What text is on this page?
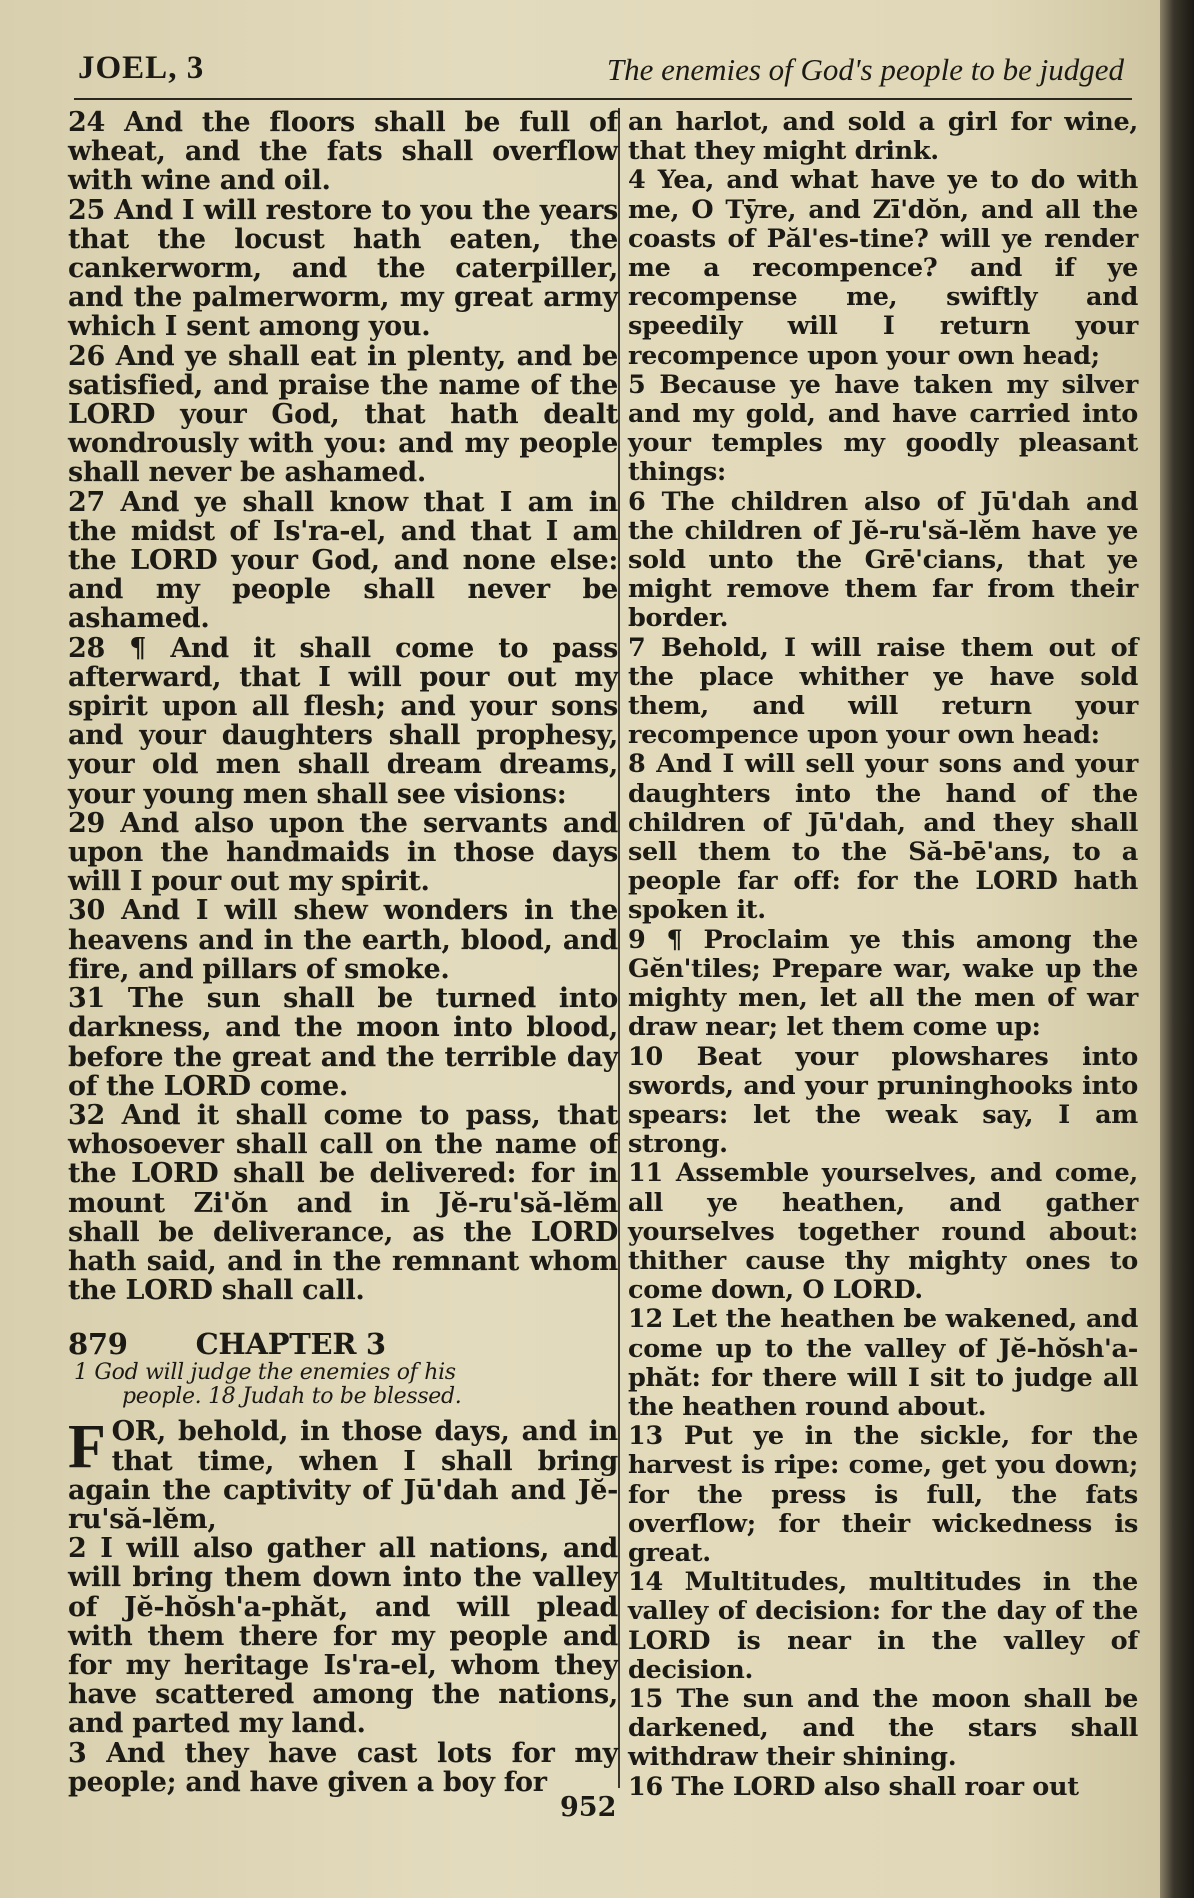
JOEL, 3	The enemies of God's people to be judged

24 And the floors shall be full of wheat, and the fats shall overflow with wine and oil.

25 And I will restore to you the years that the locust hath eaten, the cankerworm, and the caterpiller, and the palmerworm, my great army which I sent among you.

26 And ye shall eat in plenty, and be satisfied, and praise the name of the LORD your God, that hath dealt wondrously with you: and my people shall never be ashamed.

27 And ye shall know that I am in the midst of Is'ra-el, and that I am the LORD your God, and none else: and my people shall never be ashamed.

28 ¶ And it shall come to pass afterward, that I will pour out my spirit upon all flesh; and your sons and your daughters shall prophesy, your old men shall dream dreams, your young men shall see visions:

29 And also upon the servants and upon the handmaids in those days will I pour out my spirit.

30 And I will shew wonders in the heavens and in the earth, blood, and fire, and pillars of smoke.

31 The sun shall be turned into darkness, and the moon into blood, before the great and the terrible day of the LORD come.

32 And it shall come to pass, that whosoever shall call on the name of the LORD shall be delivered: for in mount Zi'ŏn and in Jĕ-ru'să-lĕm shall be deliverance, as the LORD hath said, and in the remnant whom the LORD shall call.

879 CHAPTER 3
1 God will judge the enemies of his
people. 18 Judah to be blessed.

FOR, behold, in those days, and in that time, when I shall bring again the captivity of Jū'dah and Jĕ-ru'să-lĕm,

2 I will also gather all nations, and will bring them down into the valley of Jĕ-hŏsh'a-phăt, and will plead with them there for my people and for my heritage Is'ra-el, whom they have scattered among the nations, and parted my land.

3 And they have cast lots for my people; and have given a boy for

an harlot, and sold a girl for wine, that they might drink.

4 Yea, and what have ye to do with me, O Tȳre, and Zī'dŏn, and all the coasts of Păl'es-tine? will ye render me a recompence? and if ye recompense me, swiftly and speedily will I return your recompence upon your own head;

5 Because ye have taken my silver and my gold, and have carried into your temples my goodly pleasant things:

6 The children also of Jū'dah and the children of Jĕ-ru'să-lĕm have ye sold unto the Grē'cians, that ye might remove them far from their border.

7 Behold, I will raise them out of the place whither ye have sold them, and will return your recompence upon your own head:

8 And I will sell your sons and your daughters into the hand of the children of Jū'dah, and they shall sell them to the Să-bē'ans, to a people far off: for the LORD hath spoken it.

9 ¶ Proclaim ye this among the Gĕn'tiles; Prepare war, wake up the mighty men, let all the men of war draw near; let them come up:

10 Beat your plowshares into swords, and your pruninghooks into spears: let the weak say, I am strong.

11 Assemble yourselves, and come, all ye heathen, and gather yourselves together round about: thither cause thy mighty ones to come down, O LORD.

12 Let the heathen be wakened, and come up to the valley of Jĕ-hŏsh'a-phăt: for there will I sit to judge all the heathen round about.

13 Put ye in the sickle, for the harvest is ripe: come, get you down; for the press is full, the fats overflow; for their wickedness is great.

14 Multitudes, multitudes in the valley of decision: for the day of the LORD is near in the valley of decision.

15 The sun and the moon shall be darkened, and the stars shall withdraw their shining.

16 The LORD also shall roar out

952
